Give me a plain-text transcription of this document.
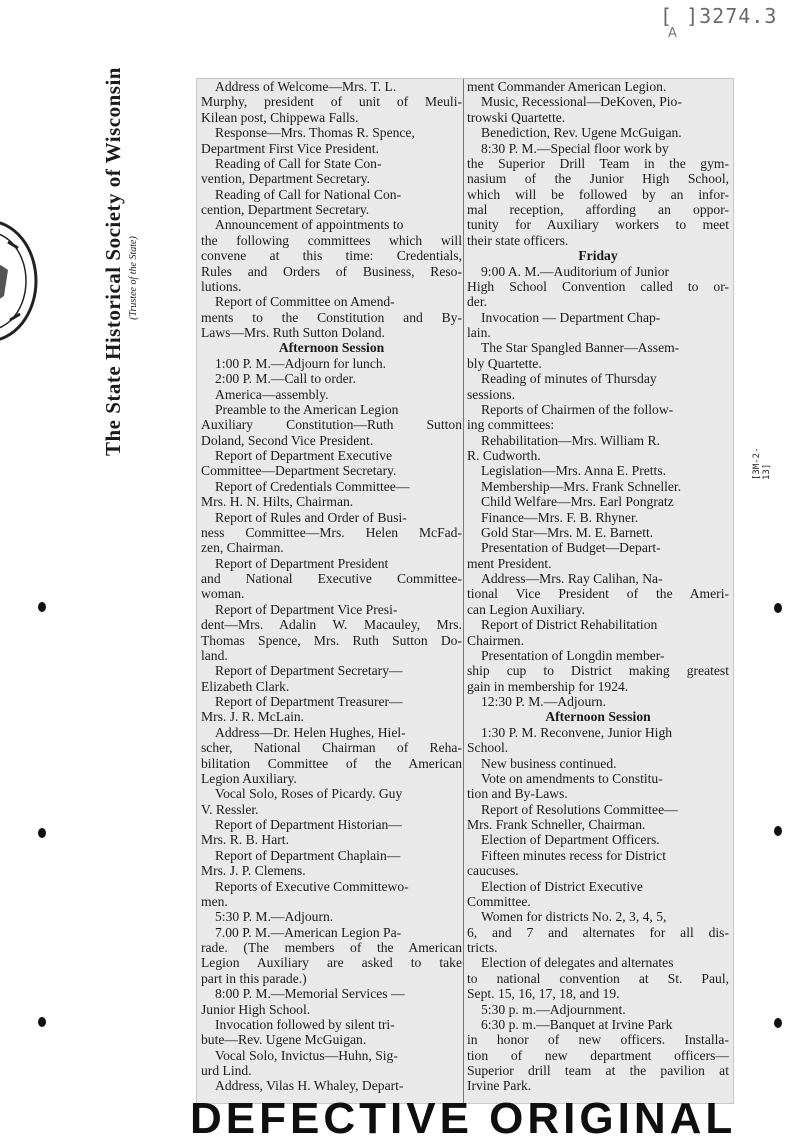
[ ]3274.3
A
The State Historical Society of Wisconsin (Trustee of the State)
[3M-2-13]
Address of Welcome—Mrs. T. L.
Murphy, president of unit of Meuli-
Kilean post, Chippewa Falls.
Response—Mrs. Thomas R. Spence,
Department First Vice President.
Reading of Call for State Con-
vention, Department Secretary.
Reading of Call for National Con-
cention, Department Secretary.
Announcement of appointments to
the following committees which will
convene at this time: Credentials,
Rules and Orders of Business, Reso-
lutions.
Report of Committee on Amend-
ments to the Constitution and By-
Laws—Mrs. Ruth Sutton Doland.
Afternoon Session
1:00 P. M.—Adjourn for lunch.
2:00 P. M.—Call to order.
America—assembly.
Preamble to the American Legion
Auxiliary Constitution—Ruth Sutton
Doland, Second Vice President.
Report of Department Executive
Committee—Department Secretary.
Report of Credentials Committee—
Mrs. H. N. Hilts, Chairman.
Report of Rules and Order of Busi-
ness Committee—Mrs. Helen McFad-
zen, Chairman.
Report of Department President
and National Executive Committee-
woman.
Report of Department Vice Presi-
dent—Mrs. Adalin W. Macauley, Mrs.
Thomas Spence, Mrs. Ruth Sutton Do-
land.
Report of Department Secretary—
Elizabeth Clark.
Report of Department Treasurer—
Mrs. J. R. McLain.
Address—Dr. Helen Hughes, Hiel-
scher, National Chairman of Reha-
bilitation Committee of the American
Legion Auxiliary.
Vocal Solo, Roses of Picardy. Guy
V. Ressler.
Report of Department Historian—
Mrs. R. B. Hart.
Report of Department Chaplain—
Mrs. J. P. Clemens.
Reports of Executive Committewo-
men.
5:30 P. M.—Adjourn.
7.00 P. M.—American Legion Pa-
rade. (The members of the American
Legion Auxiliary are asked to take
part in this parade.)
8:00 P. M.—Memorial Services —
Junior High School.
Invocation followed by silent tri-
bute—Rev. Ugene McGuigan.
Vocal Solo, Invictus—Huhn, Sig-
urd Lind.
Address, Vilas H. Whaley, Depart-
ment Commander American Legion.
Music, Recessional—DeKoven, Pio-
trowski Quartette.
Benediction, Rev. Ugene McGuigan.
8:30 P. M.—Special floor work by
the Superior Drill Team in the gym-
nasium of the Junior High School,
which will be followed by an infor-
mal reception, affording an oppor-
tunity for Auxiliary workers to meet
their state officers.
Friday
9:00 A. M.—Auditorium of Junior
High School Convention called to or-
der.
Invocation — Department Chap-
lain.
The Star Spangled Banner—Assem-
bly Quartette.
Reading of minutes of Thursday
sessions.
Reports of Chairmen of the follow-
ing committees:
Rehabilitation—Mrs. William R.
R. Cudworth.
Legislation—Mrs. Anna E. Pretts.
Membership—Mrs. Frank Schneller.
Child Welfare—Mrs. Earl Pongratz
Finance—Mrs. F. B. Rhyner.
Gold Star—Mrs. M. E. Barnett.
Presentation of Budget—Depart-
ment President.
Address—Mrs. Ray Calihan, Na-
tional Vice President of the Ameri-
can Legion Auxiliary.
Report of District Rehabilitation
Chairmen.
Presentation of Longdin member-
ship cup to District making greatest
gain in membership for 1924.
12:30 P. M.—Adjourn.
Afternoon Session
1:30 P. M. Reconvene, Junior High
School.
New business continued.
Vote on amendments to Constitu-
tion and By-Laws.
Report of Resolutions Committee—
Mrs. Frank Schneller, Chairman.
Election of Department Officers.
Fifteen minutes recess for District
caucuses.
Election of District Executive
Committee.
Women for districts No. 2, 3, 4, 5,
6, and 7 and alternates for all dis-
tricts.
Election of delegates and alternates
to national convention at St. Paul,
Sept. 15, 16, 17, 18, and 19.
5:30 p. m.—Adjournment.
6:30 p. m.—Banquet at Irvine Park
in honor of new officers. Installa-
tion of new department officers—
Superior drill team at the pavilion at
Irvine Park.
DEFECTIVE ORIGINAL
